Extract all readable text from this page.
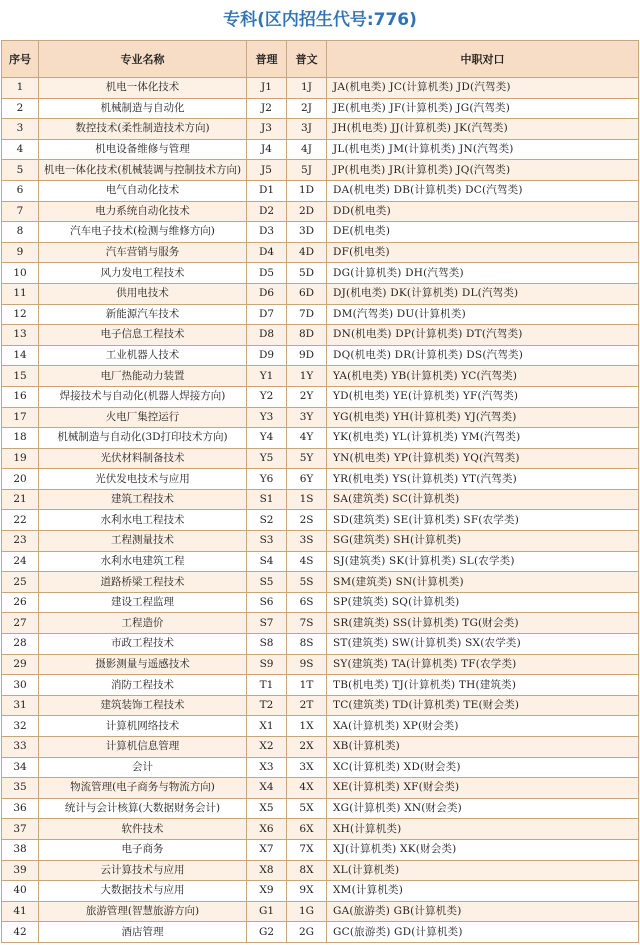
专科(区内招生代号:776)
序号	专业名称	普理	普文	中职对口
1	机电一体化技术	J1	1J	JA(机电类) JC(计算机类) JD(汽驾类)
2	机械制造与自动化	J2	2J	JE(机电类) JF(计算机类) JG(汽驾类)
3	数控技术(柔性制造技术方向)	J3	3J	JH(机电类) JJ(计算机类) JK(汽驾类)
4	机电设备维修与管理	J4	4J	JL(机电类) JM(计算机类) JN(汽驾类)
5	机电一体化技术(机械装调与控制技术方向)	J5	5J	JP(机电类) JR(计算机类) JQ(汽驾类)
6	电气自动化技术	D1	1D	DA(机电类) DB(计算机类) DC(汽驾类)
7	电力系统自动化技术	D2	2D	DD(机电类)
8	汽车电子技术(检测与维修方向)	D3	3D	DE(机电类)
9	汽车营销与服务	D4	4D	DF(机电类)
10	风力发电工程技术	D5	5D	DG(计算机类) DH(汽驾类)
11	供用电技术	D6	6D	DJ(机电类) DK(计算机类) DL(汽驾类)
12	新能源汽车技术	D7	7D	DM(汽驾类) DU(计算机类)
13	电子信息工程技术	D8	8D	DN(机电类) DP(计算机类) DT(汽驾类)
14	工业机器人技术	D9	9D	DQ(机电类) DR(计算机类) DS(汽驾类)
15	电厂热能动力装置	Y1	1Y	YA(机电类) YB(计算机类) YC(汽驾类)
16	焊接技术与自动化(机器人焊接方向)	Y2	2Y	YD(机电类) YE(计算机类) YF(汽驾类)
17	火电厂集控运行	Y3	3Y	YG(机电类) YH(计算机类) YJ(汽驾类)
18	机械制造与自动化(3D打印技术方向)	Y4	4Y	YK(机电类) YL(计算机类) YM(汽驾类)
19	光伏材料制备技术	Y5	5Y	YN(机电类) YP(计算机类) YQ(汽驾类)
20	光伏发电技术与应用	Y6	6Y	YR(机电类) YS(计算机类) YT(汽驾类)
21	建筑工程技术	S1	1S	SA(建筑类) SC(计算机类)
22	水利水电工程技术	S2	2S	SD(建筑类) SE(计算机类) SF(农学类)
23	工程测量技术	S3	3S	SG(建筑类) SH(计算机类)
24	水利水电建筑工程	S4	4S	SJ(建筑类) SK(计算机类) SL(农学类)
25	道路桥梁工程技术	S5	5S	SM(建筑类) SN(计算机类)
26	建设工程监理	S6	6S	SP(建筑类) SQ(计算机类)
27	工程造价	S7	7S	SR(建筑类) SS(计算机类) TG(财会类)
28	市政工程技术	S8	8S	ST(建筑类) SW(计算机类) SX(农学类)
29	摄影测量与遥感技术	S9	9S	SY(建筑类) TA(计算机类) TF(农学类)
30	消防工程技术	T1	1T	TB(机电类) TJ(计算机类) TH(建筑类)
31	建筑装饰工程技术	T2	2T	TC(建筑类) TD(计算机类) TE(财会类)
32	计算机网络技术	X1	1X	XA(计算机类) XP(财会类)
33	计算机信息管理	X2	2X	XB(计算机类)
34	会计	X3	3X	XC(计算机类) XD(财会类)
35	物流管理(电子商务与物流方向)	X4	4X	XE(计算机类) XF(财会类)
36	统计与会计核算(大数据财务会计)	X5	5X	XG(计算机类) XN(财会类)
37	软件技术	X6	6X	XH(计算机类)
38	电子商务	X7	7X	XJ(计算机类) XK(财会类)
39	云计算技术与应用	X8	8X	XL(计算机类)
40	大数据技术与应用	X9	9X	XM(计算机类)
41	旅游管理(智慧旅游方向)	G1	1G	GA(旅游类) GB(计算机类)
42	酒店管理	G2	2G	GC(旅游类) GD(计算机类)
